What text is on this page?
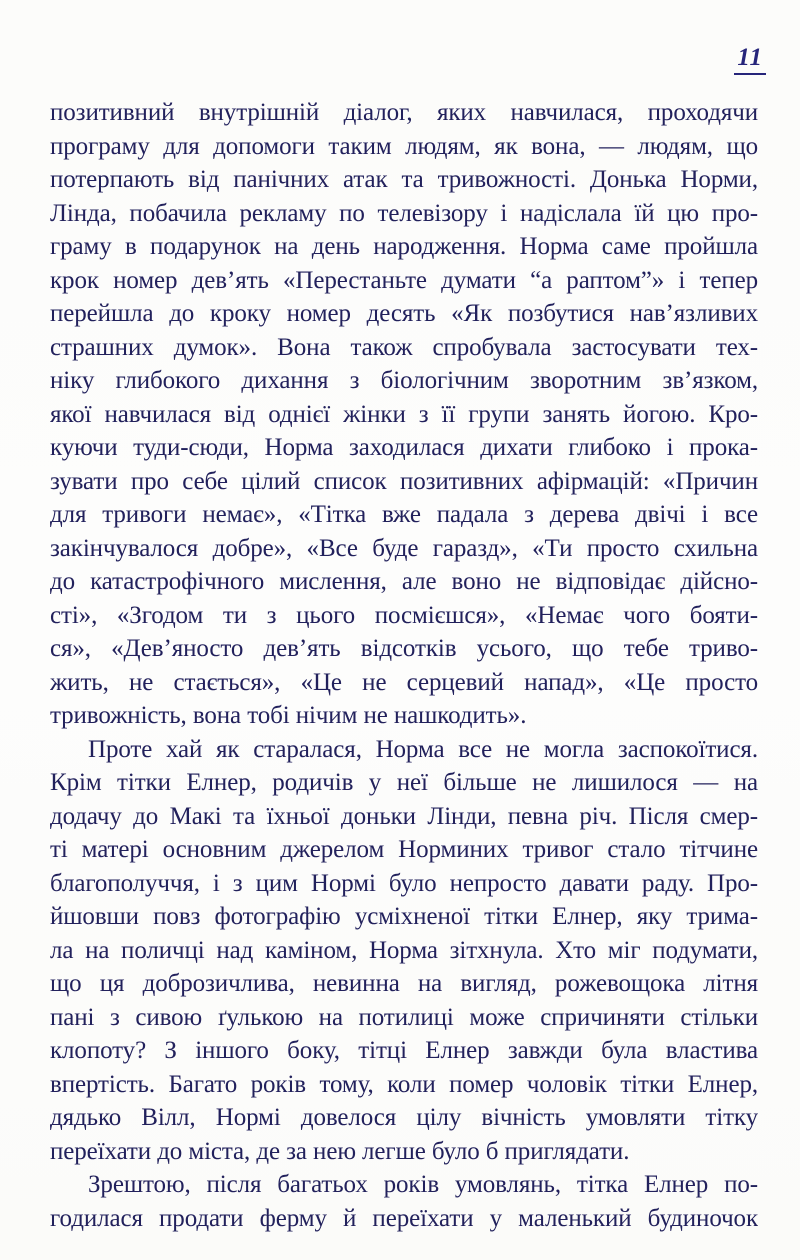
11
позитивний внутрішній діалог, яких навчилася, проходячи
програму для допомоги таким людям, як вона, — людям, що
потерпають від панічних атак та тривожності. Донька Норми,
Лінда, побачила рекламу по телевізору і надіслала їй цю про-
граму в подарунок на день народження. Норма саме пройшла
крок номер дев’ять «Перестаньте думати “а раптом”» і тепер
перейшла до кроку номер десять «Як позбутися нав’язливих
страшних думок». Вона також спробувала застосувати тех-
ніку глибокого дихання з біологічним зворотним зв’язком,
якої навчилася від однієї жінки з її групи занять йогою. Кро-
куючи туди-сюди, Норма заходилася дихати глибоко і прока-
зувати про себе цілий список позитивних афірмацій: «Причин
для тривоги немає», «Тітка вже падала з дерева двічі і все
закінчувалося добре», «Все буде гаразд», «Ти просто схильна
до катастрофічного мислення, але воно не відповідає дійсно-
сті», «Згодом ти з цього посмієшся», «Немає чого бояти-
ся», «Дев’яносто дев’ять відсотків усього, що тебе триво-
жить, не стається», «Це не серцевий напад», «Це просто
тривожність, вона тобі нічим не нашкодить».
Проте хай як старалася, Норма все не могла заспокоїтися.
Крім тітки Елнер, родичів у неї більше не лишилося — на
додачу до Макі та їхньої доньки Лінди, певна річ. Після смер-
ті матері основним джерелом Норминих тривог стало тітчине
благополуччя, і з цим Нормі було непросто давати раду. Про-
йшовши повз фотографію усміхненої тітки Елнер, яку трима-
ла на поличці над каміном, Норма зітхнула. Хто міг подумати,
що ця доброзичлива, невинна на вигляд, рожевощока літня
пані з сивою ґулькою на потилиці може спричиняти стільки
клопоту? З іншого боку, тітці Елнер завжди була властива
впертість. Багато років тому, коли помер чоловік тітки Елнер,
дядько Вілл, Нормі довелося цілу вічність умовляти тітку
переїхати до міста, де за нею легше було б приглядати.
Зрештою, після багатьох років умовлянь, тітка Елнер по-
годилася продати ферму й переїхати у маленький будиночок
